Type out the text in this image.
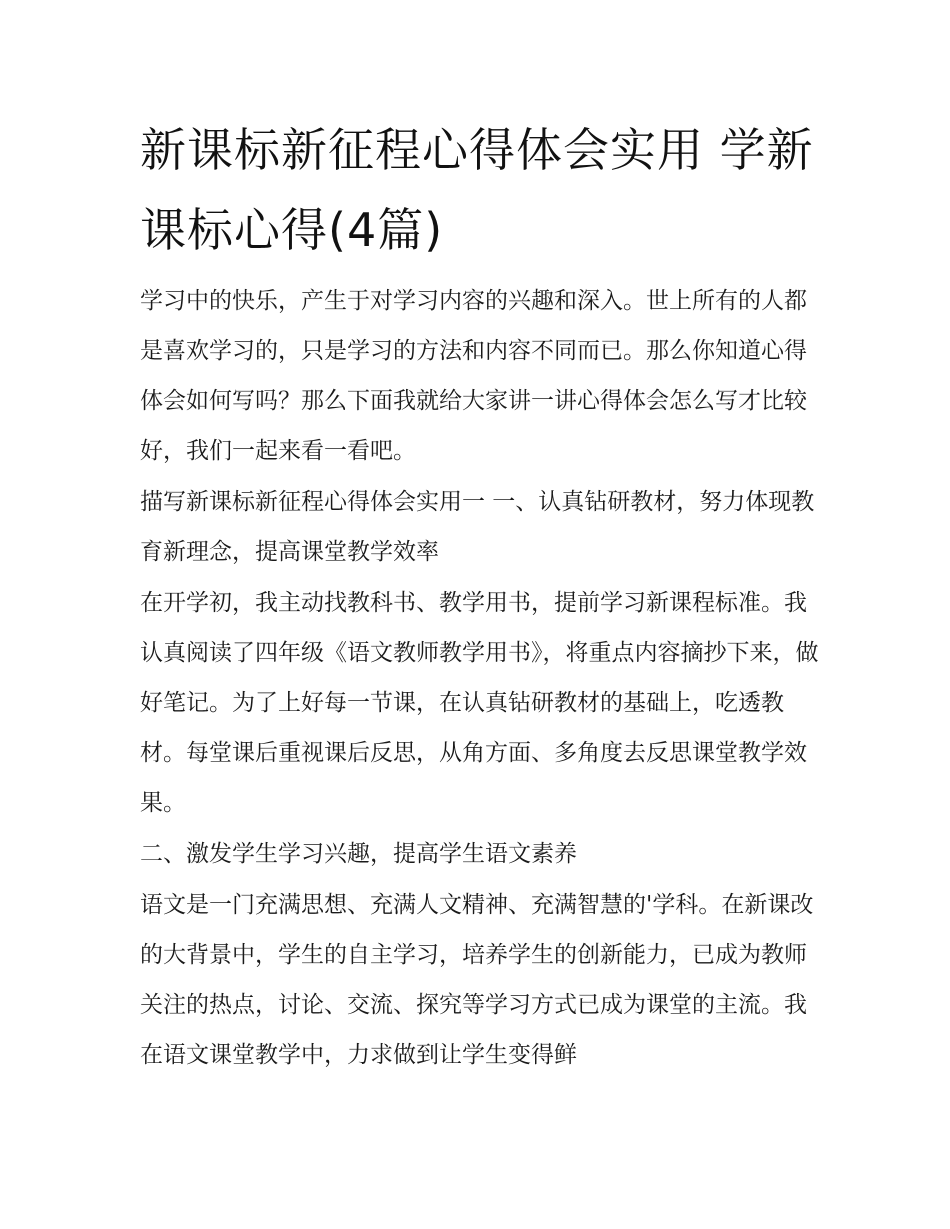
新课标新征程心得体会实用 学新课标心得(4篇)

学习中的快乐，产生于对学习内容的兴趣和深入。世上所有的人都是喜欢学习的，只是学习的方法和内容不同而已。那么你知道心得体会如何写吗？那么下面我就给大家讲一讲心得体会怎么写才比较好，我们一起来看一看吧。

描写新课标新征程心得体会实用一 一、认真钻研教材，努力体现教育新理念，提高课堂教学效率

在开学初，我主动找教科书、教学用书，提前学习新课程标准。我认真阅读了四年级《语文教师教学用书》，将重点内容摘抄下来，做好笔记。为了上好每一节课，在认真钻研教材的基础上，吃透教材。每堂课后重视课后反思，从角方面、多角度去反思课堂教学效果。

二、激发学生学习兴趣，提高学生语文素养

语文是一门充满思想、充满人文精神、充满智慧的'学科。在新课改的大背景中，学生的自主学习，培养学生的创新能力，已成为教师关注的热点，讨论、交流、探究等学习方式已成为课堂的主流。我在语文课堂教学中，力求做到让学生变得鲜
